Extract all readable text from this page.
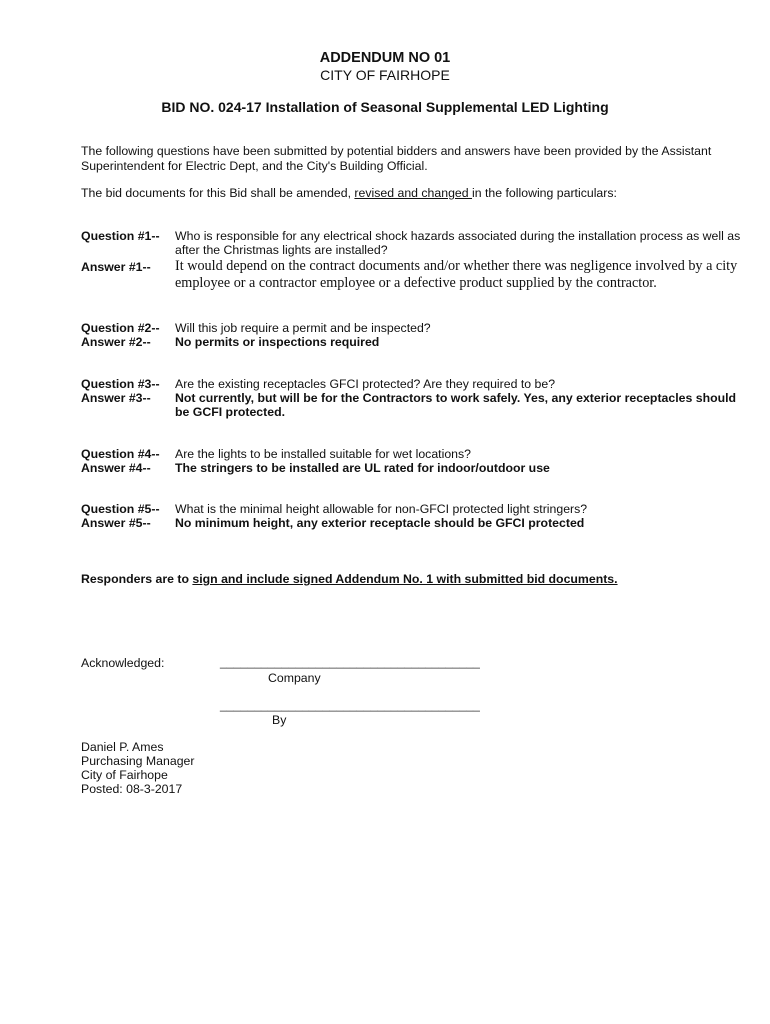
ADDENDUM NO 01
CITY OF FAIRHOPE
BID NO. 024-17 Installation of Seasonal Supplemental LED Lighting
The following questions have been submitted by potential bidders and answers have been provided by the Assistant Superintendent for Electric Dept, and the City's Building Official.
The bid documents for this Bid shall be amended, revised and changed in the following particulars:
Question #1-- Who is responsible for any electrical shock hazards associated during the installation process as well as after the Christmas lights are installed?
Answer #1-- It would depend on the contract documents and/or whether there was negligence involved by a city employee or a contractor employee or a defective product supplied by the contractor.
Question #2-- Will this job require a permit and be inspected?
Answer #2-- No permits or inspections required
Question #3-- Are the existing receptacles GFCI protected? Are they required to be?
Answer #3-- Not currently, but will be for the Contractors to work safely. Yes, any exterior receptacles should be GCFI protected.
Question #4-- Are the lights to be installed suitable for wet locations?
Answer #4-- The stringers to be installed are UL rated for indoor/outdoor use
Question #5-- What is the minimal height allowable for non-GFCI protected light stringers?
Answer #5-- No minimum height, any exterior receptacle should be GFCI protected
Responders are to sign and include signed Addendum No. 1 with submitted bid documents.
Acknowledged:	______________________________________
Company
______________________________________
By
Daniel P. Ames
Purchasing Manager
City of Fairhope
Posted: 08-3-2017
